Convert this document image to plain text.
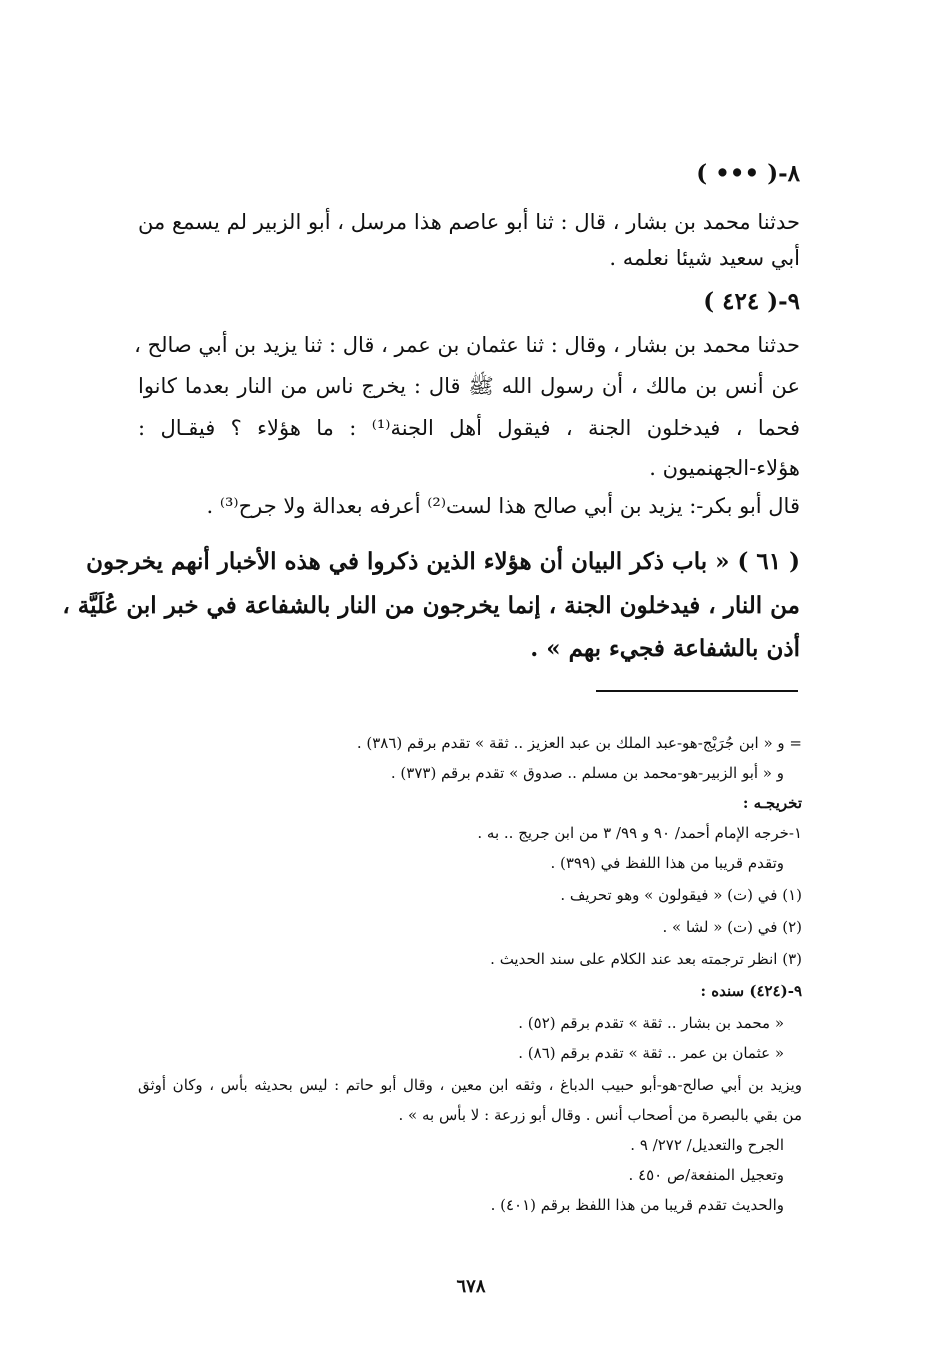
٨-( ••• )
حدثنا محمد بن بشار ، قال : ثنا أبو عاصم هذا مرسل ، أبو الزبير لم يسمع من
أبي سعيد شيئا نعلمه .
٩-( ٤٢٤ )
حدثنا محمد بن بشار ، وقال : ثنا عثمان بن عمر ، قال : ثنا يزيد بن أبي صالح ،
عن أنس بن مالك ، أن رسول الله ﷺ قال : يخرج ناس من النار بعدما كانوا
فحما ، فيدخلون الجنة ، فيقول أهل الجنة⁽¹⁾ : ما هؤلاء ؟ فيقـال :
هؤلاء-الجهنميون .
قال أبو بكر-: يزيد بن أبي صالح هذا لست⁽²⁾ أعرفه بعدالة ولا جرح⁽³⁾ .
( ٦١ ) « باب ذكر البيان أن هؤلاء الذين ذكروا في هذه الأخبار أنهم يخرجون
من النار ، فيدخلون الجنة ، إنما يخرجون من النار بالشفاعة في خبر ابن عُلَيَّة ،
أذن بالشفاعة فجيء بهم » .
= و « ابن جُرَيْج-هو-عبد الملك بن عبد العزيز .. ثقة » تقدم برقم (٣٨٦) .
و « أبو الزبير-هو-محمد بن مسلم .. صدوق » تقدم برقم (٣٧٣) .
تخريجـه :
١-خرجه الإمام أحمد/ ٩٠ و ٩٩/ ٣ من ابن جريج .. به .
وتقدم قريبا من هذا اللفظ في (٣٩٩) .
(١) في (ت) « فيقولون » وهو تحريف .
(٢) في (ت) « لشا » .
(٣) انظر ترجمته بعد عند الكلام على سند الحديث .
٩-(٤٢٤) سنده :
« محمد بن بشار .. ثقة » تقدم برقم (٥٢) .
« عثمان بن عمر .. ثقة » تقدم برقم (٨٦) .
ويزيد بن أبي صالح-هو-أبو حبيب الدباغ ، وثقه ابن معين ، وقال أبو حاتم : ليس بحديثه بأس ، وكان أوثق
من بقي بالبصرة من أصحاب أنس . وقال أبو زرعة : لا بأس به » .
الجرح والتعديل/ ٢٧٢/ ٩ .
وتعجيل المنفعة/ص ٤٥٠ .
والحديث تقدم قريبا من هذا اللفظ برقم (٤٠١) .
٦٧٨
